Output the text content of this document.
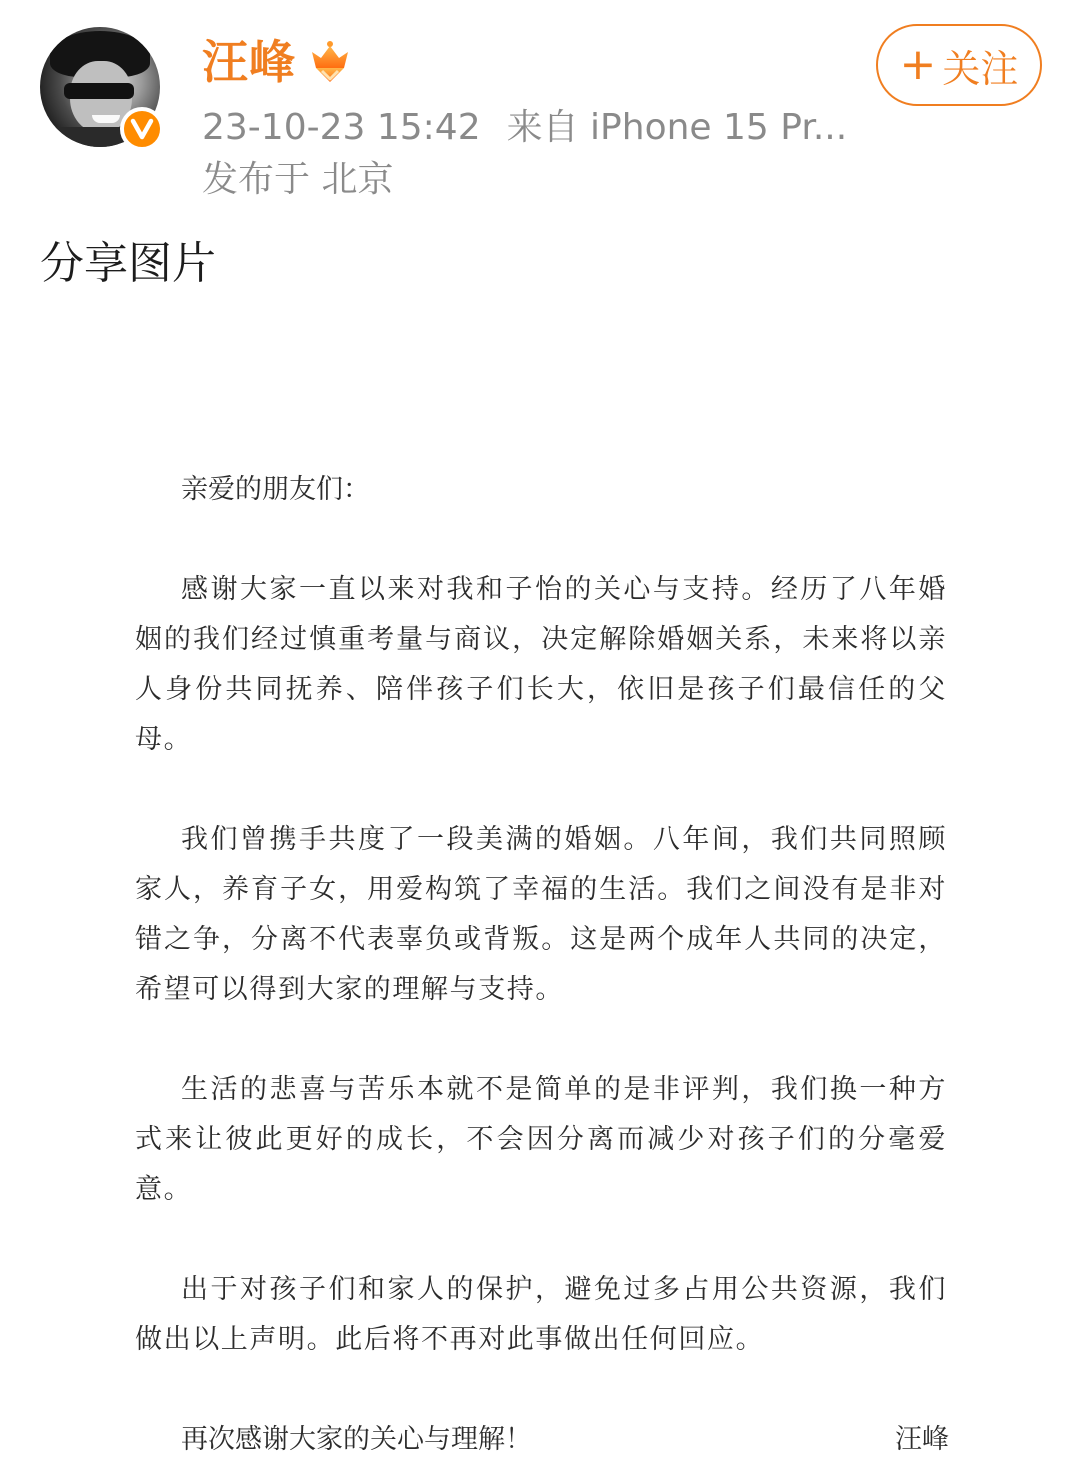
汪峰
23-10-23 15:42 来自 iPhone 15 Pr...
发布于 北京
+ 关注
分享图片

亲爱的朋友们：

感谢大家一直以来对我和子怡的关心与支持。经历了八年婚姻的我们经过慎重考量与商议，决定解除婚姻关系，未来将以亲人身份共同抚养、陪伴孩子们长大，依旧是孩子们最信任的父母。

我们曾携手共度了一段美满的婚姻。八年间，我们共同照顾家人，养育子女，用爱构筑了幸福的生活。我们之间没有是非对错之争，分离不代表辜负或背叛。这是两个成年人共同的决定，希望可以得到大家的理解与支持。

生活的悲喜与苦乐本就不是简单的是非评判，我们换一种方式来让彼此更好的成长，不会因分离而减少对孩子们的分毫爱意。

出于对孩子们和家人的保护，避免过多占用公共资源，我们做出以上声明。此后将不再对此事做出任何回应。

再次感谢大家的关心与理解！	汪峰
